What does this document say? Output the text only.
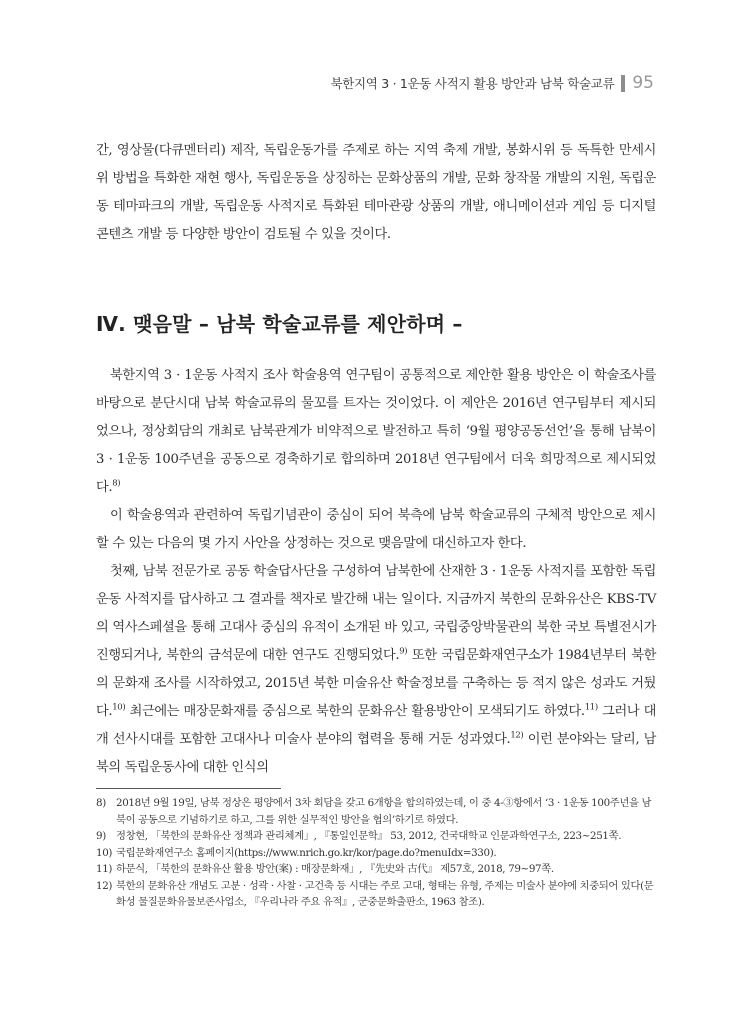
북한지역 3 · 1운동 사적지 활용 방안과 남북 학술교류 95

간, 영상물(다큐멘터리) 제작, 독립운동가를 주제로 하는 지역 축제 개발, 봉화시위 등 독특한 만세시위 방법을 특화한 재현 행사, 독립운동을 상징하는 문화상품의 개발, 문화 창작물 개발의 지원, 독립운동 테마파크의 개발, 독립운동 사적지로 특화된 테마관광 상품의 개발, 애니메이션과 게임 등 디지털 콘텐츠 개발 등 다양한 방안이 검토될 수 있을 것이다.

Ⅳ. 맺음말 – 남북 학술교류를 제안하며 –

북한지역 3 · 1운동 사적지 조사 학술용역 연구팀이 공통적으로 제안한 활용 방안은 이 학술조사를 바탕으로 분단시대 남북 학술교류의 물꼬를 트자는 것이었다. 이 제안은 2016년 연구팀부터 제시되었으나, 정상회담의 개최로 남북관계가 비약적으로 발전하고 특히 ‘9월 평양공동선언’을 통해 남북이 3 · 1운동 100주년을 공동으로 경축하기로 합의하며 2018년 연구팀에서 더욱 희망적으로 제시되었다.$^{8)}$

이 학술용역과 관련하여 독립기념관이 중심이 되어 북측에 남북 학술교류의 구체적 방안으로 제시할 수 있는 다음의 몇 가지 사안을 상정하는 것으로 맺음말에 대신하고자 한다.

첫째, 남북 전문가로 공동 학술답사단을 구성하여 남북한에 산재한 3 · 1운동 사적지를 포함한 독립운동 사적지를 답사하고 그 결과를 책자로 발간해 내는 일이다. 지금까지 북한의 문화유산은 KBS-TV의 역사스페셜을 통해 고대사 중심의 유적이 소개된 바 있고, 국립중앙박물관의 북한 국보 특별전시가 진행되거나, 북한의 금석문에 대한 연구도 진행되었다.$^{9)}$ 또한 국립문화재연구소가 1984년부터 북한의 문화재 조사를 시작하였고, 2015년 북한 미술유산 학술정보를 구축하는 등 적지 않은 성과도 거뒀다.$^{10)}$ 최근에는 매장문화재를 중심으로 북한의 문화유산 활용방안이 모색되기도 하였다.$^{11)}$ 그러나 대개 선사시대를 포함한 고대사나 미술사 분야의 협력을 통해 거둔 성과였다.$^{12)}$ 이런 분야와는 달리, 남북의 독립운동사에 대한 인식의

8) 2018년 9월 19일, 남북 정상은 평양에서 3차 회담을 갖고 6개항을 합의하였는데, 이 중 4-③항에서 ‘3 · 1운동 100주년을 남북이 공동으로 기념하기로 하고, 그를 위한 실무적인 방안을 협의’하기로 하였다.
9) 정창현, 「북한의 문화유산 정책과 관리체계」, 『통일인문학』 53, 2012, 건국대학교 인문과학연구소, 223~251쪽.
10) 국립문화재연구소 홈페이지(https://www.nrich.go.kr/kor/page.do?menuIdx=330).
11) 하문식, 「북한의 문화유산 활용 방안(案) : 매장문화재」, 『先史와 古代』 제57호, 2018, 79~97쪽.
12) 북한의 문화유산 개념도 고분 · 성곽 · 사찰 · 고건축 등 시대는 주로 고대, 형태는 유형, 주제는 미술사 분야에 치중되어 있다(문화성 물질문화유물보존사업소, 『우리나라 주요 유적』, 군중문화출판소, 1963 참조).
